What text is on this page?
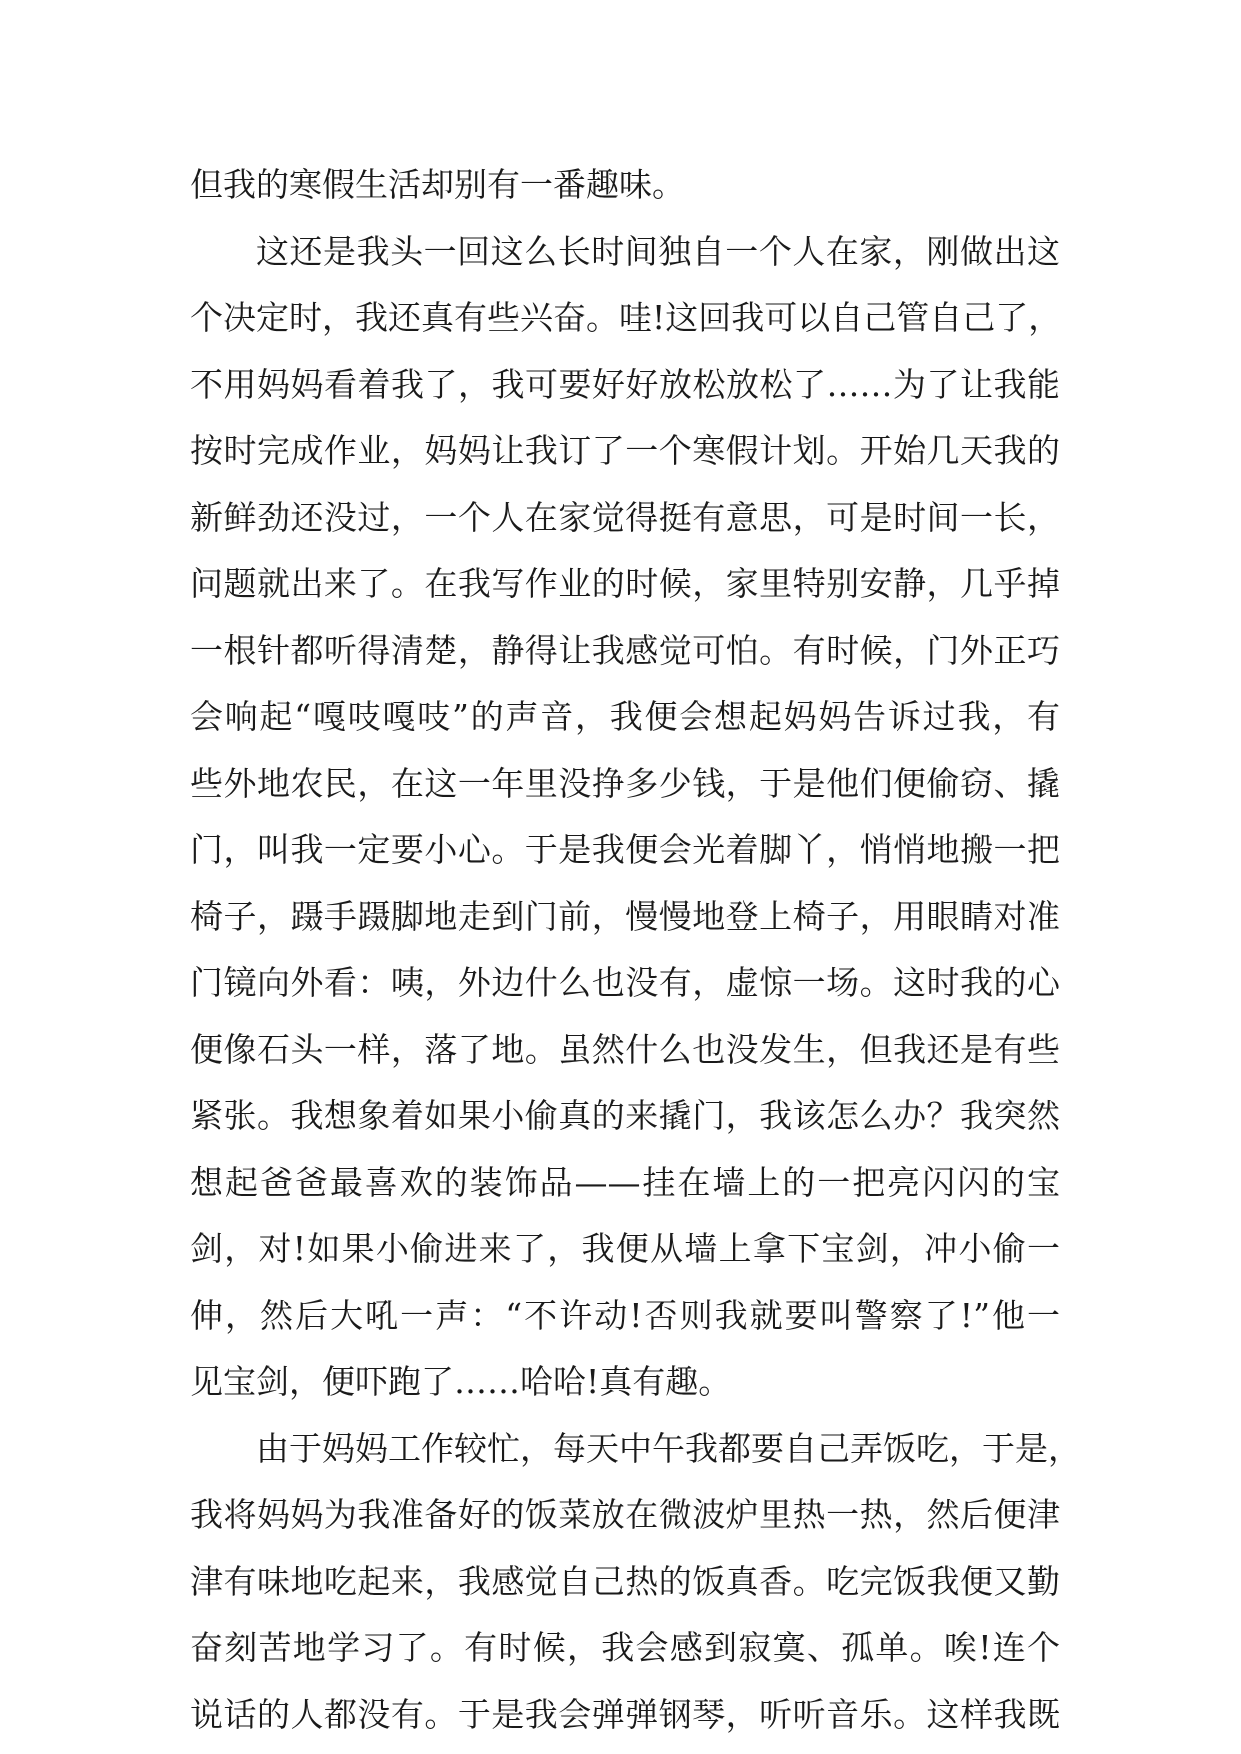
但我的寒假生活却别有一番趣味。
这还是我头一回这么长时间独自一个人在家，刚做出这
个决定时，我还真有些兴奋。哇!这回我可以自己管自己了，
不用妈妈看着我了，我可要好好放松放松了……为了让我能
按时完成作业，妈妈让我订了一个寒假计划。开始几天我的
新鲜劲还没过，一个人在家觉得挺有意思，可是时间一长，
问题就出来了。在我写作业的时候，家里特别安静，几乎掉
一根针都听得清楚，静得让我感觉可怕。有时候，门外正巧
会响起“嘎吱嘎吱”的声音，我便会想起妈妈告诉过我，有
些外地农民，在这一年里没挣多少钱，于是他们便偷窃、撬
门，叫我一定要小心。于是我便会光着脚丫，悄悄地搬一把
椅子，蹑手蹑脚地走到门前，慢慢地登上椅子，用眼睛对准
门镜向外看：咦，外边什么也没有，虚惊一场。这时我的心
便像石头一样，落了地。虽然什么也没发生，但我还是有些
紧张。我想象着如果小偷真的来撬门，我该怎么办？我突然
想起爸爸最喜欢的装饰品——挂在墙上的一把亮闪闪的宝
剑，对!如果小偷进来了，我便从墙上拿下宝剑，冲小偷一
伸，然后大吼一声：“不许动!否则我就要叫警察了!”他一
见宝剑，便吓跑了……哈哈!真有趣。
由于妈妈工作较忙，每天中午我都要自己弄饭吃，于是，
我将妈妈为我准备好的饭菜放在微波炉里热一热，然后便津
津有味地吃起来，我感觉自己热的饭真香。吃完饭我便又勤
奋刻苦地学习了。有时候，我会感到寂寞、孤单。唉!连个
说话的人都没有。于是我会弹弹钢琴，听听音乐。这样我既
